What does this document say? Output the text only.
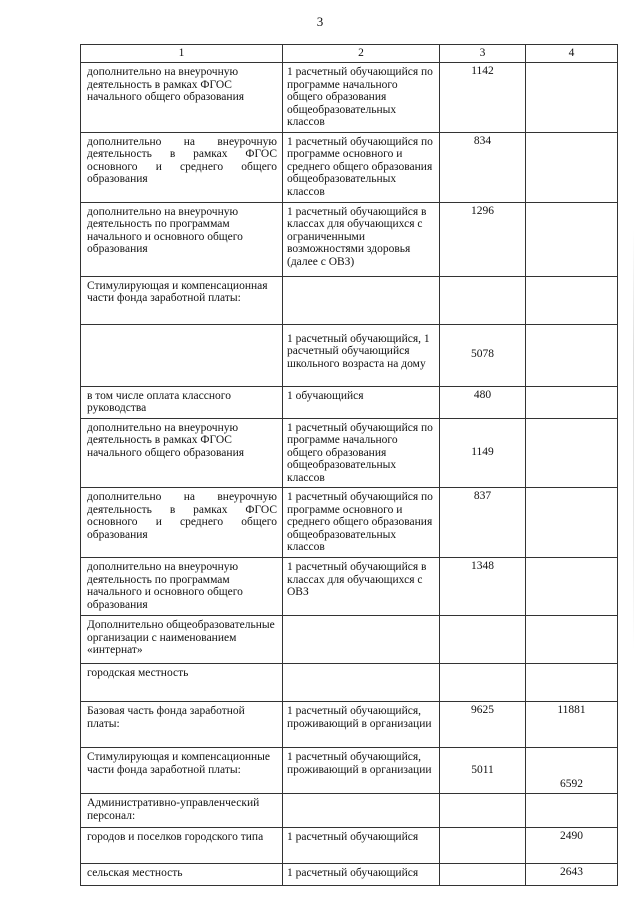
3
1	2	3	4
дополнительно на внеурочную деятельность в рамках ФГОС начального общего образования	1 расчетный обучающийся по программе начального общего образования общеобразовательных классов	1142	
дополнительно на внеурочную деятельность в рамках ФГОС основного и среднего общего образования	1 расчетный обучающийся по программе основного и среднего общего образования общеобразовательных классов	834	
дополнительно на внеурочную деятельность по программам начального и основного общего образования	1 расчетный обучающийся в классах для обучающихся с ограниченными возможностями здоровья (далее с ОВЗ)	1296	
Стимулирующая и компенсационная части фонда заработной платы:			
	1 расчетный обучающийся, 1 расчетный обучающийся школьного возраста на дому	5078	
в том числе оплата классного руководства	1 обучающийся	480	
дополнительно на внеурочную деятельность в рамках ФГОС начального общего образования	1 расчетный обучающийся по программе начального общего образования общеобразовательных классов	1149	
дополнительно на внеурочную деятельность в рамках ФГОС основного и среднего общего образования	1 расчетный обучающийся по программе основного и среднего общего образования общеобразовательных классов	837	
дополнительно на внеурочную деятельность по программам начального и основного общего образования	1 расчетный обучающийся в классах для обучающихся с ОВЗ	1348	
Дополнительно общеобразовательные организации с наименованием «интернат»			
городская местность			
Базовая часть фонда заработной платы:	1 расчетный обучающийся, проживающий в организации	9625	11881
Стимулирующая и компенсационные части фонда заработной платы:	1 расчетный обучающийся, проживающий в организации	5011	6592
Административно-управленческий персонал:			
городов и поселков городского типа	1 расчетный обучающийся		2490
сельская местность	1 расчетный обучающийся		2643
